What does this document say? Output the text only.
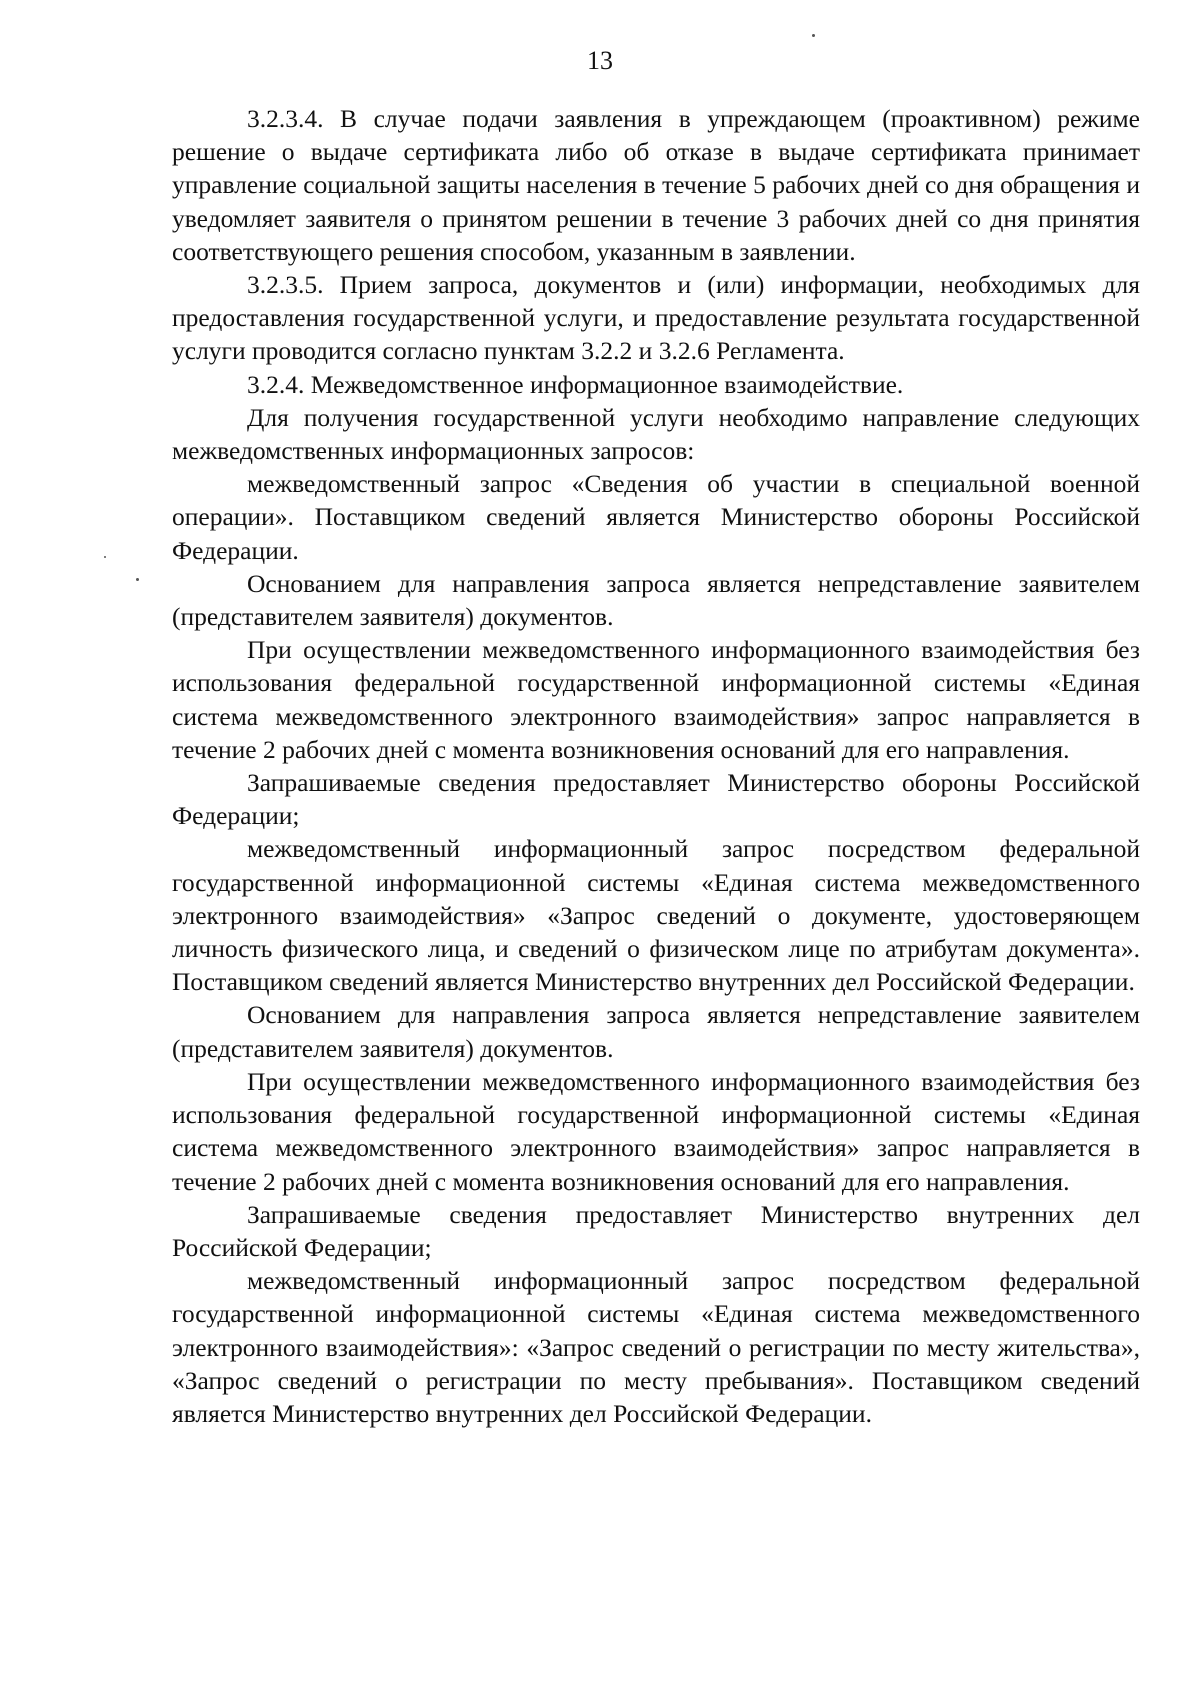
13

3.2.3.4. В случае подачи заявления в упреждающем (проактивном) режиме решение о выдаче сертификата либо об отказе в выдаче сертификата принимает управление социальной защиты населения в течение 5 рабочих дней со дня обращения и уведомляет заявителя о принятом решении в течение 3 рабочих дней со дня принятия соответствующего решения способом, указанным в заявлении.

3.2.3.5. Прием запроса, документов и (или) информации, необходимых для предоставления государственной услуги, и предоставление результата государственной услуги проводится согласно пунктам 3.2.2 и 3.2.6 Регламента.

3.2.4. Межведомственное информационное взаимодействие.

Для получения государственной услуги необходимо направление следующих межведомственных информационных запросов:

межведомственный запрос «Сведения об участии в специальной военной операции». Поставщиком сведений является Министерство обороны Российской Федерации.

Основанием для направления запроса является непредставление заявителем (представителем заявителя) документов.

При осуществлении межведомственного информационного взаимодействия без использования федеральной государственной информационной системы «Единая система межведомственного электронного взаимодействия» запрос направляется в течение 2 рабочих дней с момента возникновения оснований для его направления.

Запрашиваемые сведения предоставляет Министерство обороны Российской Федерации;

межведомственный информационный запрос посредством федеральной государственной информационной системы «Единая система межведомственного электронного взаимодействия» «Запрос сведений о документе, удостоверяющем личность физического лица, и сведений о физическом лице по атрибутам документа». Поставщиком сведений является Министерство внутренних дел Российской Федерации.

Основанием для направления запроса является непредставление заявителем (представителем заявителя) документов.

При осуществлении межведомственного информационного взаимодействия без использования федеральной государственной информационной системы «Единая система межведомственного электронного взаимодействия» запрос направляется в течение 2 рабочих дней с момента возникновения оснований для его направления.

Запрашиваемые сведения предоставляет Министерство внутренних дел Российской Федерации;

межведомственный информационный запрос посредством федеральной государственной информационной системы «Единая система межведомственного электронного взаимодействия»: «Запрос сведений о регистрации по месту жительства», «Запрос сведений о регистрации по месту пребывания». Поставщиком сведений является Министерство внутренних дел Российской Федерации.
